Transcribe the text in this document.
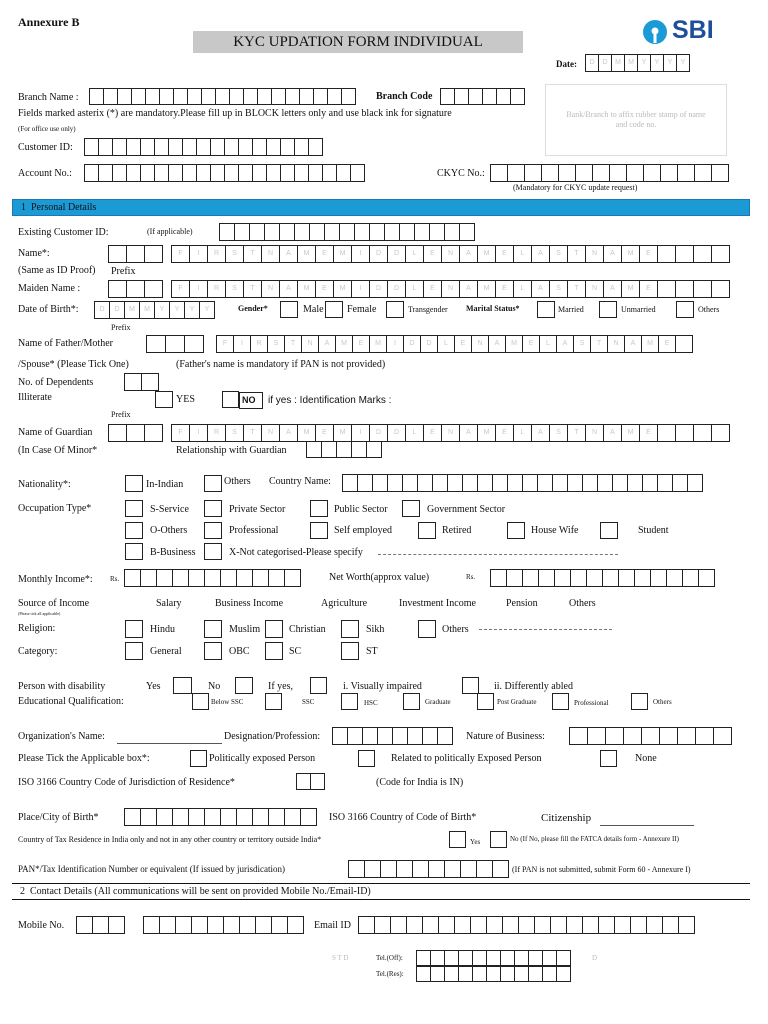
Annexure B
KYC UPDATION FORM INDIVIDUAL	SBI
Date:	D	D	M	M	Y	Y	Y	Y
Branch Name :	Branch Code
Bank/Branch to affix rubber stamp of name and code no.
Fields marked asterix (*) are mandatory.Please fill up in BLOCK letters only and use black ink for signature
(For office use only)
Customer ID:
Account No.:	CKYC No.:
(Mandatory for CKYC update request)
1 Personal Details
Existing Customer ID:	(If applicable)
Name*:	F	I	R	S	T	N	A	M	E	M	I	D	D	L	E	N	A	M	E	L	A	S	T	N	A	M	E
(Same as ID Proof) Prefix
Maiden Name :	F	I	R	S	T	N	A	M	E	M	I	D	D	L	E	N	A	M	E	L	A	S	T	N	A	M	E
Date of Birth*:	D	D	M	M	Y	Y	Y	Y	Gender*	Male Female	Transgender Marital Status*	Married	Unmarried	Others
Prefix
Name of Father/Mother	F	I	R	S	T	N	A	M	E	M	I	D	D	L	E	N	A	M	E	L	A	S	T	N	A	M	E
/Spouse* (Please Tick One)	(Father's name is mandatory if PAN is not provided)
No. of Dependents
Illiterate	YES	NO	if yes : Identification Marks :
Prefix
Name of Guardian	F	I	R	S	T	N	A	M	E	M	I	D	D	L	E	N	A	M	E	L	A	S	T	N	A	M	E
(In Case Of Minor*	Relationship with Guardian
Nationality*:	In-Indian	Others Country Name:
Occupation Type*	S-Service	Private Sector	Public Sector	Government Sector
O-Others	Professional	Self employed	Retired	House Wife	Student
B-Business	X-Not categorised-Please specify
Monthly Income*: Rs.	Net Worth(approx value)	Rs.
Source of Income
(Please tick all applicable)
Salary	Business Income	Agriculture	Investment Income	Pension	Others
Religion:	Hindu	Muslim	Christian	Sikh	Others
Category:	General	OBC	SC	ST
Person with disability	Yes	No	If yes,	i. Visually impaired	ii. Differently abled
Educational Qualification:	Below SSC	SSC	HSC	Graduate	Post Graduate	Professional	Others
Organization's Name:	Designation/Profession:	Nature of Business:
Please Tick the Applicable box*:	Politically exposed Person	Related to politically Exposed Person	None
ISO 3166 Country Code of Jurisdiction of Residence*	(Code for India is IN)
Place/City of Birth*	ISO 3166 Country of Code of Birth*	Citizenship
Country of Tax Residence in India only and not in any other country or territory outside India*	Yes	No (If No, please fill the FATCA details form - Annexure II)
PAN*/Tax Identification Number or equivalent (If issued by jurisdication)	(If PAN is not submitted, submit Form 60 - Annexure I)
2 Contact Details (All communications will be sent on provided Mobile No./Email-ID)
Mobile No.	Email ID
S T D	Tel.(Off):	D
Tel.(Res):
